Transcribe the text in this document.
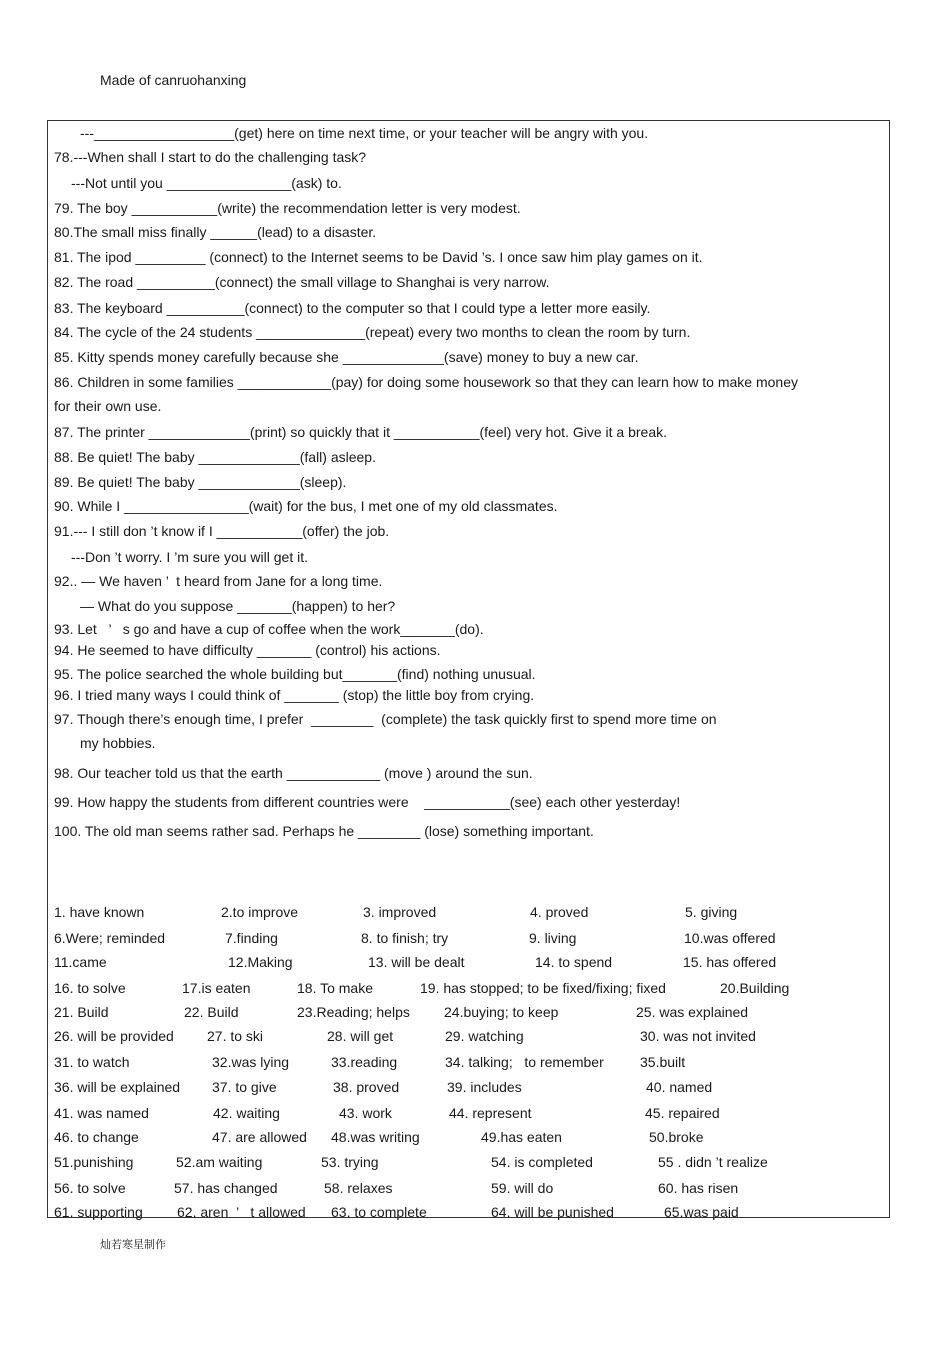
Made of canruohanxing
---__________________(get) here on time next time, or your teacher will be angry with you.
78.---When shall I start to do the challenging task?
---Not until you ________________(ask) to.
79. The boy ___________(write) the recommendation letter is very modest.
80.The small miss finally ______(lead) to a disaster.
81. The ipod _________ (connect) to the Internet seems to be David ’s. I once saw him play games on it.
82. The road __________(connect) the small village to Shanghai is very narrow.
83. The keyboard __________(connect) to the computer so that I could type a letter more easily.
84. The cycle of the 24 students ______________(repeat) every two months to clean the room by turn.
85. Kitty spends money carefully because she _____________(save) money to buy a new car.
86. Children in some families ____________(pay) for doing some housework so that they can learn how to make money
for their own use.
87. The printer _____________(print) so quickly that it ___________(feel) very hot. Give it a break.
88. Be quiet! The baby _____________(fall) asleep.
89. Be quiet! The baby _____________(sleep).
90. While I ________________(wait) for the bus, I met one of my old classmates.
91.--- I still don ’t know if I ___________(offer) the job.
---Don ’t worry. I ’m sure you will get it.
92.. — We haven ’  t heard from Jane for a long time.
— What do you suppose _______(happen) to her?
93. Let   ’   s go and have a cup of coffee when the work_______(do).
94. He seemed to have difficulty _______ (control) his actions.
95. The police searched the whole building but_______(find) nothing unusual.
96. I tried many ways I could think of _______ (stop) the little boy from crying.
97. Though there’s enough time, I prefer  ________  (complete) the task quickly first to spend more time on
my hobbies.
98. Our teacher told us that the earth ____________ (move ) around the sun.
99. How happy the students from different countries were    ___________(see) each other yesterday!
100. The old man seems rather sad. Perhaps he ________ (lose) something important.
1. have known	2.to improve	3. improved	4. proved	5. giving
6.Were; reminded	7.finding	8. to finish; try	9. living	10.was offered
11.came	12.Making	13. will be dealt	14. to spend	15. has offered
16. to solve	17.is eaten	18. To make	19. has stopped; to be fixed/fixing; fixed	20.Building
21. Build	22. Build	23.Reading; helps 24.buying; to keep	25. was explained
26. will be provided 27. to ski	28. will get	29. watching	30. was not invited
31. to watch	32.was lying	33.reading	34. talking;   to remember	35.built
36. will be explained 37. to give	38. proved	39. includes	40. named
41. was named	42. waiting	43. work	44. represent	45. repaired
46. to change	47. are allowed 48.was writing	49.has eaten	50.broke
51.punishing	52.am waiting	53. trying	54. is completed	55 . didn ’t realize
56. to solve	57. has changed	58. relaxes	59. will do	60. has risen
61. supporting 62. aren  ’   t allowed 63. to complete	64. will be punished	65.was paid
灿若寒星制作
